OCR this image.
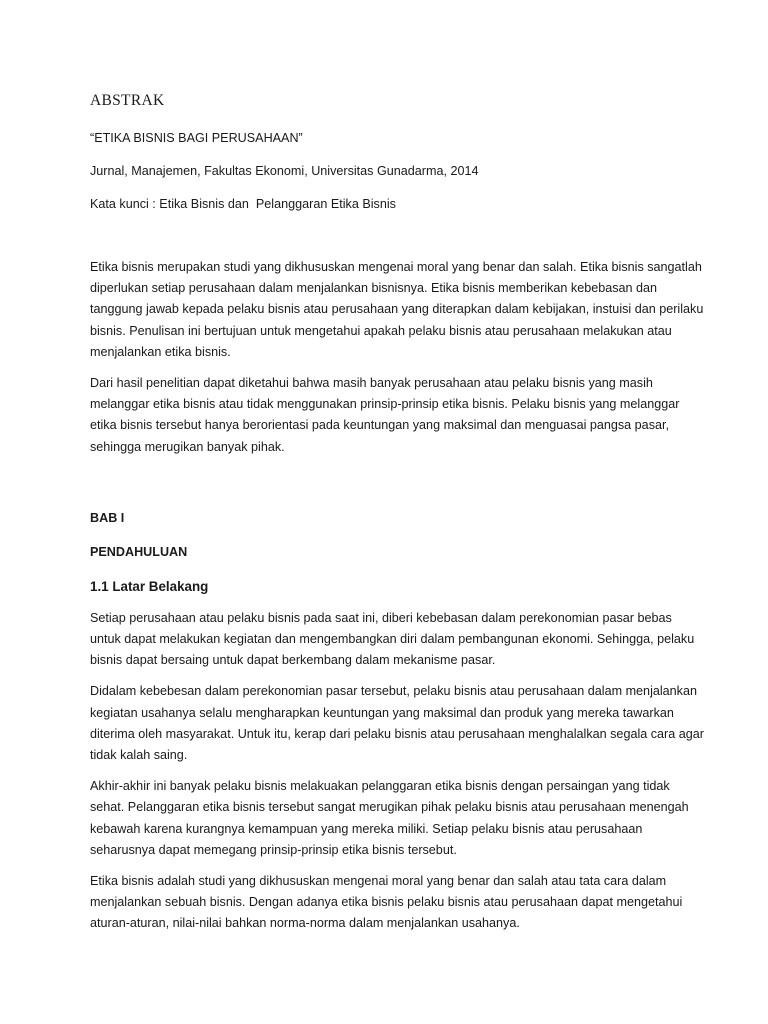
ABSTRAK

“ETIKA BISNIS BAGI PERUSAHAAN”

Jurnal, Manajemen, Fakultas Ekonomi, Universitas Gunadarma, 2014

Kata kunci : Etika Bisnis dan  Pelanggaran Etika Bisnis

Etika bisnis merupakan studi yang dikhususkan mengenai moral yang benar dan salah. Etika bisnis sangatlah diperlukan setiap perusahaan dalam menjalankan bisnisnya. Etika bisnis memberikan kebebasan dan tanggung jawab kepada pelaku bisnis atau perusahaan yang diterapkan dalam kebijakan, instuisi dan perilaku bisnis. Penulisan ini bertujuan untuk mengetahui apakah pelaku bisnis atau perusahaan melakukan atau menjalankan etika bisnis.

Dari hasil penelitian dapat diketahui bahwa masih banyak perusahaan atau pelaku bisnis yang masih melanggar etika bisnis atau tidak menggunakan prinsip-prinsip etika bisnis. Pelaku bisnis yang melanggar etika bisnis tersebut hanya berorientasi pada keuntungan yang maksimal dan menguasai pangsa pasar, sehingga merugikan banyak pihak.

BAB I

PENDAHULUAN

1.1 Latar Belakang

Setiap perusahaan atau pelaku bisnis pada saat ini, diberi kebebasan dalam perekonomian pasar bebas untuk dapat melakukan kegiatan dan mengembangkan diri dalam pembangunan ekonomi. Sehingga, pelaku bisnis dapat bersaing untuk dapat berkembang dalam mekanisme pasar.

Didalam kebebesan dalam perekonomian pasar tersebut, pelaku bisnis atau perusahaan dalam menjalankan kegiatan usahanya selalu mengharapkan keuntungan yang maksimal dan produk yang mereka tawarkan diterima oleh masyarakat. Untuk itu, kerap dari pelaku bisnis atau perusahaan menghalalkan segala cara agar tidak kalah saing.

Akhir-akhir ini banyak pelaku bisnis melakuakan pelanggaran etika bisnis dengan persaingan yang tidak sehat. Pelanggaran etika bisnis tersebut sangat merugikan pihak pelaku bisnis atau perusahaan menengah kebawah karena kurangnya kemampuan yang mereka miliki. Setiap pelaku bisnis atau perusahaan seharusnya dapat memegang prinsip-prinsip etika bisnis tersebut.

Etika bisnis adalah studi yang dikhususkan mengenai moral yang benar dan salah atau tata cara dalam menjalankan sebuah bisnis. Dengan adanya etika bisnis pelaku bisnis atau perusahaan dapat mengetahui aturan-aturan, nilai-nilai bahkan norma-norma dalam menjalankan usahanya.
